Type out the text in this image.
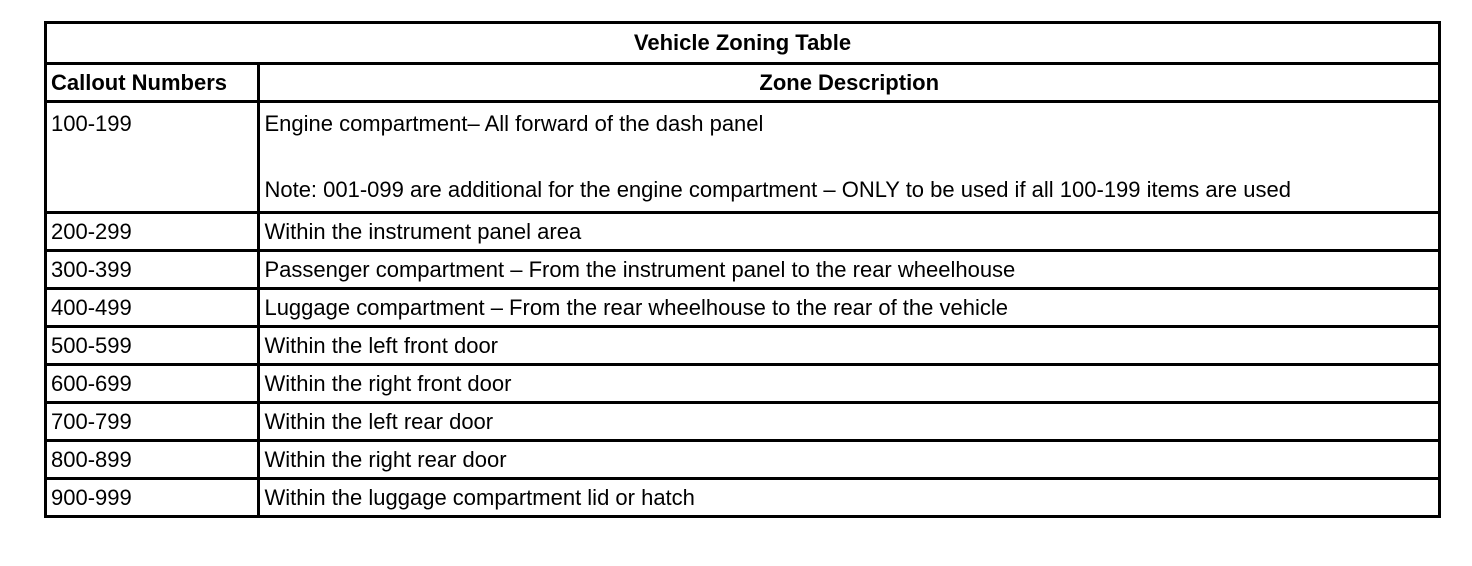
Vehicle Zoning Table	
Callout Numbers	Zone Description
100-199	Engine compartment– All forward of the dash panel
Note: 001-099 are additional for the engine compartment – ONLY to be used if all 100-199 items are used

200-299	Within the instrument panel area
300-399	Passenger compartment – From the instrument panel to the rear wheelhouse
400-499	Luggage compartment – From the rear wheelhouse to the rear of the vehicle
500-599	Within the left front door
600-699	Within the right front door
700-799	Within the left rear door
800-899	Within the right rear door
900-999	Within the luggage compartment lid or hatch
